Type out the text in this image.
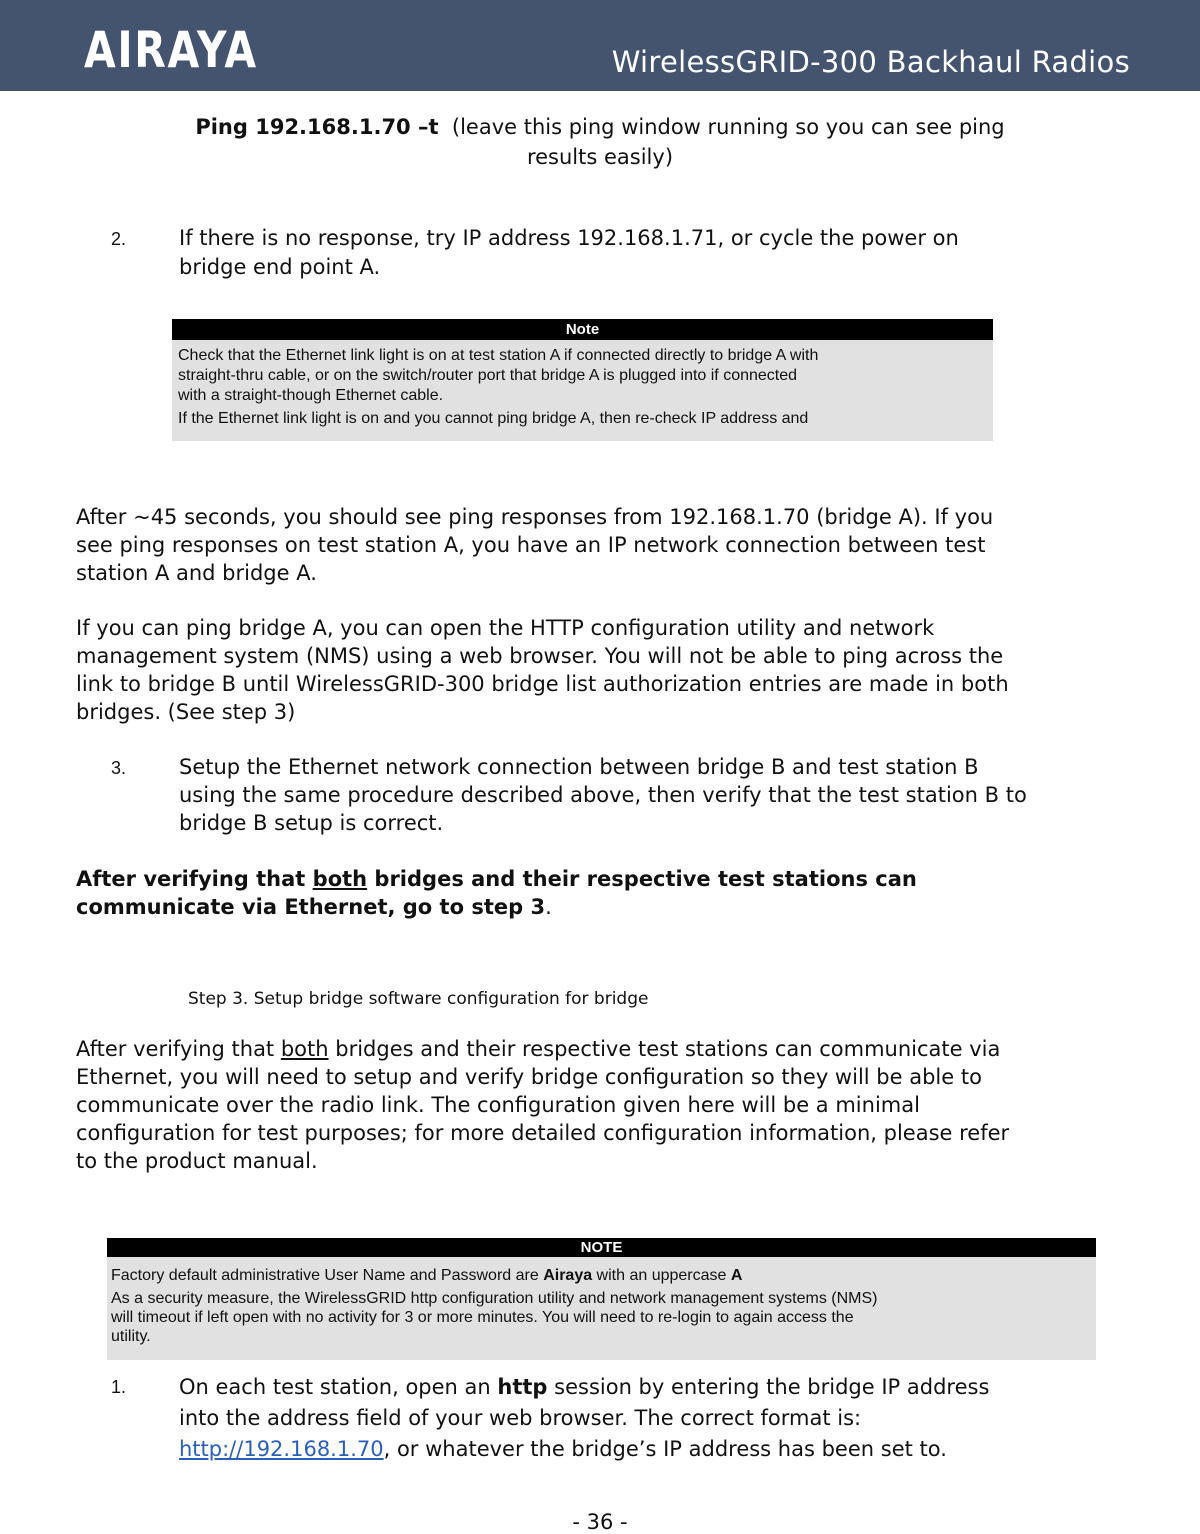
AIRAYA	WirelessGRID-300 Backhaul Radios
Ping 192.168.1.70 –t (leave this ping window running so you can see ping
results easily)
2.	If there is no response, try IP address 192.168.1.71, or cycle the power on
bridge end point A.
Note
Check that the Ethernet link light is on at test station A if connected directly to bridge A with
straight-thru cable, or on the switch/router port that bridge A is plugged into if connected
with a straight-though Ethernet cable.
If the Ethernet link light is on and you cannot ping bridge A, then re-check IP address and
After ~45 seconds, you should see ping responses from 192.168.1.70 (bridge A). If you
see ping responses on test station A, you have an IP network connection between test
station A and bridge A.
If you can ping bridge A, you can open the HTTP configuration utility and network
management system (NMS) using a web browser. You will not be able to ping across the
link to bridge B until WirelessGRID-300 bridge list authorization entries are made in both
bridges. (See step 3)
3.	Setup the Ethernet network connection between bridge B and test station B
using the same procedure described above, then verify that the test station B to
bridge B setup is correct.
After verifying that both bridges and their respective test stations can
communicate via Ethernet, go to step 3.
Step 3. Setup bridge software configuration for bridge
After verifying that both bridges and their respective test stations can communicate via
Ethernet, you will need to setup and verify bridge configuration so they will be able to
communicate over the radio link. The configuration given here will be a minimal
configuration for test purposes; for more detailed configuration information, please refer
to the product manual.
NOTE
Factory default administrative User Name and Password are Airaya with an uppercase A
As a security measure, the WirelessGRID http configuration utility and network management systems (NMS)
will timeout if left open with no activity for 3 or more minutes. You will need to re-login to again access the
utility.
1.	On each test station, open an http session by entering the bridge IP address
into the address field of your web browser. The correct format is:
http://192.168.1.70, or whatever the bridge’s IP address has been set to.
- 36 -
